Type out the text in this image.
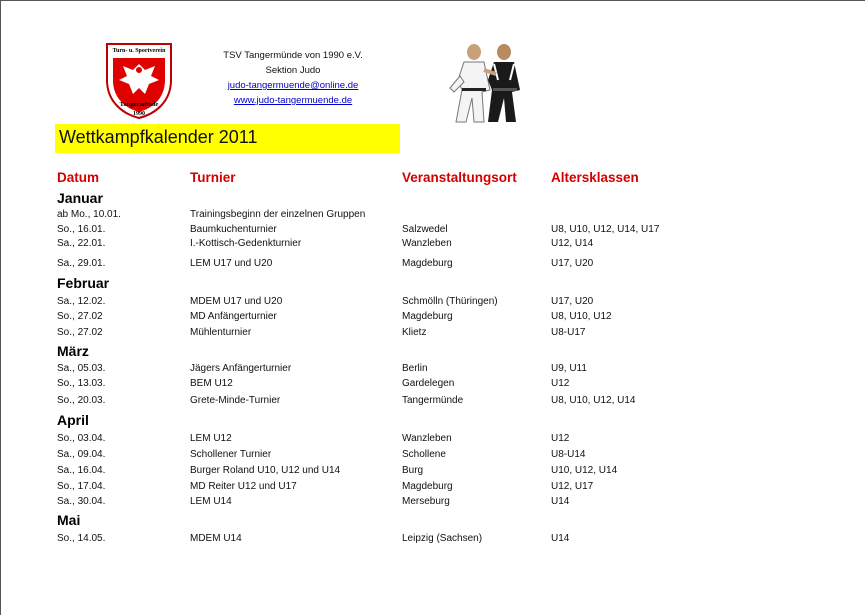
Turn- u. Sportverein
Tangermünde
1990
TSV Tangermünde von 1990 e.V.
Sektion Judo
judo-tangermuende@online.de
www.judo-tangermuende.de
Wettkampfkalender 2011
Datum	Turnier	Veranstaltungsort	Altersklassen
Januar
ab Mo., 10.01.	Trainingsbeginn der einzelnen Gruppen
So., 16.01.	Baumkuchenturnier	Salzwedel	U8, U10, U12, U14, U17
Sa., 22.01.	I.-Kottisch-Gedenkturnier	Wanzleben	U12, U14
Sa., 29.01.	LEM U17 und U20	Magdeburg	U17, U20
Februar
Sa., 12.02.	MDEM U17 und U20	Schmölln (Thüringen)	U17, U20
So., 27.02	MD Anfängerturnier	Magdeburg	U8, U10, U12
So., 27.02	Mühlenturnier	Klietz	U8-U17
März
Sa., 05.03.	Jägers Anfängerturnier	Berlin	U9, U11
So., 13.03.	BEM U12	Gardelegen	U12
So., 20.03.	Grete-Minde-Turnier	Tangermünde	U8, U10, U12, U14
April
So., 03.04.	LEM U12	Wanzleben	U12
Sa., 09.04.	Schollener Turnier	Schollene	U8-U14
Sa., 16.04.	Burger Roland U10, U12 und U14	Burg	U10, U12, U14
So., 17.04.	MD Reiter U12 und U17	Magdeburg	U12, U17
Sa., 30.04.	LEM U14	Merseburg	U14
Mai
So., 14.05.	MDEM U14	Leipzig (Sachsen)	U14
